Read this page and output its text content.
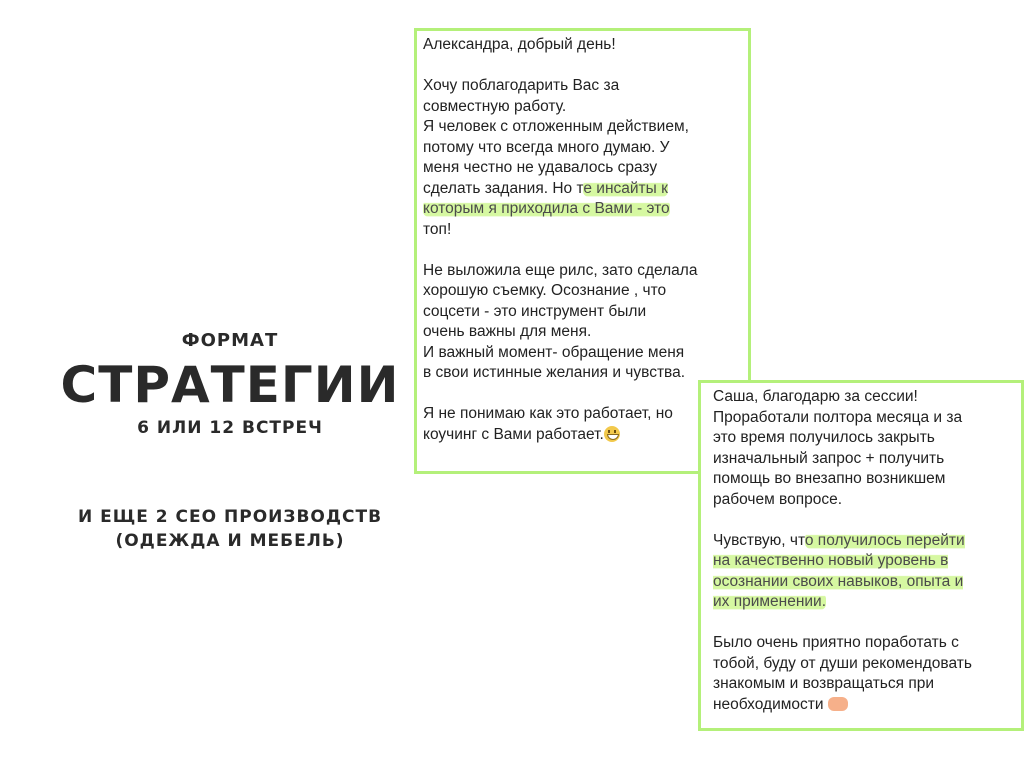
ФОРМАТ
СТРАТЕГИИ
6 ИЛИ 12 ВСТРЕЧ
И ЕЩЕ 2 СЕО ПРОИЗВОДСТВ
(ОДЕЖДА И МЕБЕЛЬ)

Александра, добрый день!

Хочу поблагодарить Вас за
совместную работу.
Я человек с отложенным действием,
потому что всегда много думаю. У
меня честно не удавалось сразу
сделать задания. Но те инсайты к
которым я приходила с Вами - это
топ!

Не выложила еще рилс, зато сделала
хорошую съемку. Осознание , что
соцсети - это инструмент были
очень важны для меня.
И важный момент- обращение меня
в свои истинные желания и чувства.

Я не понимаю как это работает, но
коучинг с Вами работает.

Саша, благодарю за сессии!
Проработали полтора месяца и за
это время получилось закрыть
изначальный запрос + получить
помощь во внезапно возникшем
рабочем вопросе.

Чувствую, что получилось перейти
на качественно новый уровень в
осознании своих навыков, опыта и
их применении.

Было очень приятно поработать с
тобой, буду от души рекомендовать
знакомым и возвращаться при
необходимости
